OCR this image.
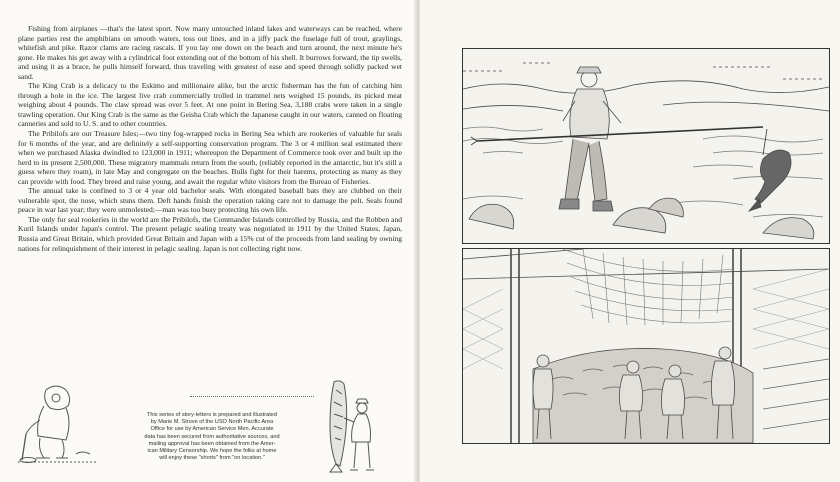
Fishing from airplanes —that's the latest sport. Now many untouched inland lakes and waterways can be reached, where plane parties rest the amphibians on smooth waters, toss out lines, and in a jiffy pack the fuselage full of trout, graylings, whitefish and pike. Razor clams are racing rascals. If you lay one down on the beach and turn around, the next minute he's gone. He makes his get away with a cylindrical foot extending out of the bottom of his shell. It burrows forward, the tip swells, and using it as a brace, he pulls himself forward, thus traveling with greatest of ease and speed through solidly packed wet sand.

The King Crab is a delicacy to the Eskimo and millionaire alike, but the arctic fisherman has the fun of catching him through a hole in the ice. The largest live crab commercially trolled in trammel nets weighed 15 pounds, its picked meat weighing about 4 pounds. The claw spread was over 5 feet. At one point in Bering Sea, 3,188 crabs were taken in a single trawling operation. Our King Crab is the same as the Geisha Crab which the Japanese caught in our waters, canned on floating canneries and sold to U. S. and to other countries.

The Pribilofs are our Treasure Isles;—two tiny fog-wrapped rocks in Bering Sea which are rookeries of valuable fur seals for 6 months of the year, and are definitely a self-supporting conservation program. The 3 or 4 million seal estimated there when we purchased Alaska dwindled to 123,000 in 1911; whereupon the Department of Commerce took over and built up the herd to its present 2,500,000. These migratory mammals return from the south, (reliably reported in the antarctic, but it's still a guess where they roam), in late May and congregate on the beaches. Bulls fight for their harems, protecting as many as they can provide with food. They breed and raise young, and await the regular white visitors from the Bureau of Fisheries.

The annual take is confined to 3 or 4 year old bachelor seals. With elongated baseball bats they are clubbed on their vulnerable spot, the nose, which stuns them. Deft hands finish the operation taking care not to damage the pelt. Seals found peace in war last year; they were unmolested;—man was too busy protecting his own life.

The only fur seal rookeries in the world are the Pribilofs, the Commander Islands controlled by Russia, and the Robben and Kuril Islands under Japan's control. The present pelagic sealing treaty was negotiated in 1911 by the United States, Japan, Russia and Great Britain, which provided Great Britain and Japan with a 15% cut of the proceeds from land sealing by owning nations for relinquishment of their interest in pelagic sealing. Japan is not collecting right now.

This series of story-letters is prepared and illustrated
by Marie M. Struve of the USO North Pacific Area
Office for use by American Service Men. Accurate
data has been secured from authoritative sources, and
mailing approval has been obtained from the Amer-
ican Military Censorship. We hope the folks at home
will enjoy these "shorts" from "on location."
